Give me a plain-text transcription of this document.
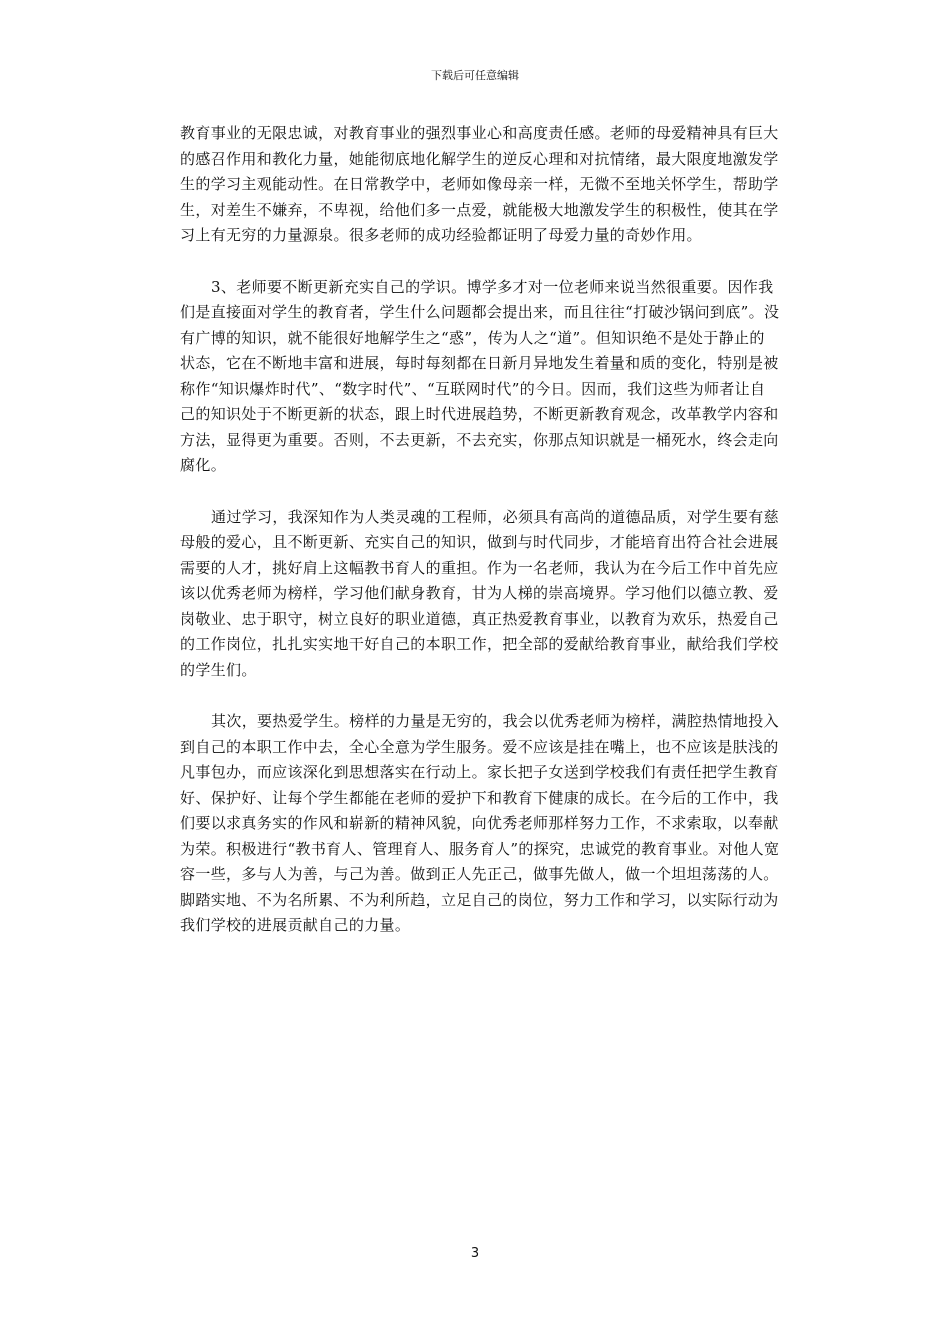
下载后可任意编辑

教育事业的无限忠诚，对教育事业的强烈事业心和高度责任感。老师的母爱精神具有巨大的感召作用和教化力量，她能彻底地化解学生的逆反心理和对抗情绪，最大限度地激发学生的学习主观能动性。在日常教学中，老师如像母亲一样，无微不至地关怀学生，帮助学生，对差生不嫌弃，不卑视，给他们多一点爱，就能极大地激发学生的积极性，使其在学习上有无穷的力量源泉。很多老师的成功经验都证明了母爱力量的奇妙作用。

3、老师要不断更新充实自己的学识。博学多才对一位老师来说当然很重要。因作我们是直接面对学生的教育者，学生什么问题都会提出来，而且往往“打破沙锅问到底”。没有广博的知识，就不能很好地解学生之“惑”，传为人之“道”。但知识绝不是处于静止的状态，它在不断地丰富和进展，每时每刻都在日新月异地发生着量和质的变化，特别是被称作“知识爆炸时代”、“数字时代”、“互联网时代”的今日。因而，我们这些为师者让自己的知识处于不断更新的状态，跟上时代进展趋势，不断更新教育观念，改革教学内容和方法，显得更为重要。否则，不去更新，不去充实，你那点知识就是一桶死水，终会走向腐化。

通过学习，我深知作为人类灵魂的工程师，必须具有高尚的道德品质，对学生要有慈母般的爱心，且不断更新、充实自己的知识，做到与时代同步，才能培育出符合社会进展需要的人才，挑好肩上这幅教书育人的重担。作为一名老师，我认为在今后工作中首先应该以优秀老师为榜样，学习他们献身教育，甘为人梯的崇高境界。学习他们以德立教、爱岗敬业、忠于职守，树立良好的职业道德，真正热爱教育事业，以教育为欢乐，热爱自己的工作岗位，扎扎实实地干好自己的本职工作，把全部的爱献给教育事业，献给我们学校的学生们。

其次，要热爱学生。榜样的力量是无穷的，我会以优秀老师为榜样，满腔热情地投入到自己的本职工作中去，全心全意为学生服务。爱不应该是挂在嘴上，也不应该是肤浅的凡事包办，而应该深化到思想落实在行动上。家长把子女送到学校我们有责任把学生教育好、保护好、让每个学生都能在老师的爱护下和教育下健康的成长。在今后的工作中，我们要以求真务实的作风和崭新的精神风貌，向优秀老师那样努力工作，不求索取，以奉献为荣。积极进行“教书育人、管理育人、服务育人”的探究，忠诚党的教育事业。对他人宽容一些，多与人为善，与己为善。做到正人先正己，做事先做人，做一个坦坦荡荡的人。脚踏实地、不为名所累、不为利所趋，立足自己的岗位，努力工作和学习，以实际行动为我们学校的进展贡献自己的力量。

3
